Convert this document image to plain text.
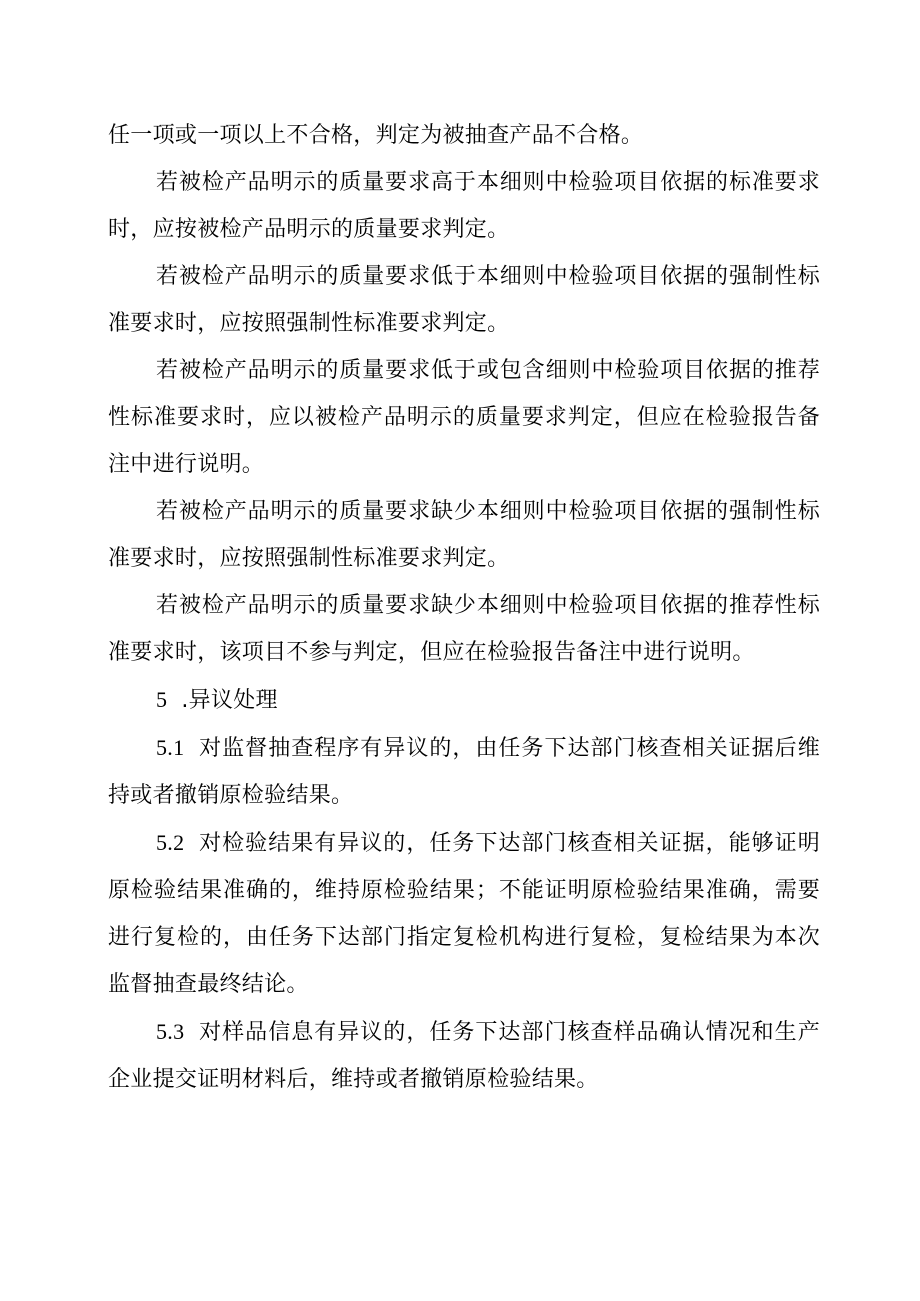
任一项或一项以上不合格，判定为被抽查产品不合格。

若被检产品明示的质量要求高于本细则中检验项目依据的标准要求时，应按被检产品明示的质量要求判定。

若被检产品明示的质量要求低于本细则中检验项目依据的强制性标准要求时，应按照强制性标准要求判定。

若被检产品明示的质量要求低于或包含细则中检验项目依据的推荐性标准要求时，应以被检产品明示的质量要求判定，但应在检验报告备注中进行说明。

若被检产品明示的质量要求缺少本细则中检验项目依据的强制性标准要求时，应按照强制性标准要求判定。

若被检产品明示的质量要求缺少本细则中检验项目依据的推荐性标准要求时，该项目不参与判定，但应在检验报告备注中进行说明。

5 .异议处理

5.1 对监督抽查程序有异议的，由任务下达部门核查相关证据后维持或者撤销原检验结果。

5.2 对检验结果有异议的，任务下达部门核查相关证据，能够证明原检验结果准确的，维持原检验结果；不能证明原检验结果准确，需要进行复检的，由任务下达部门指定复检机构进行复检，复检结果为本次监督抽查最终结论。

5.3 对样品信息有异议的，任务下达部门核查样品确认情况和生产企业提交证明材料后，维持或者撤销原检验结果。
